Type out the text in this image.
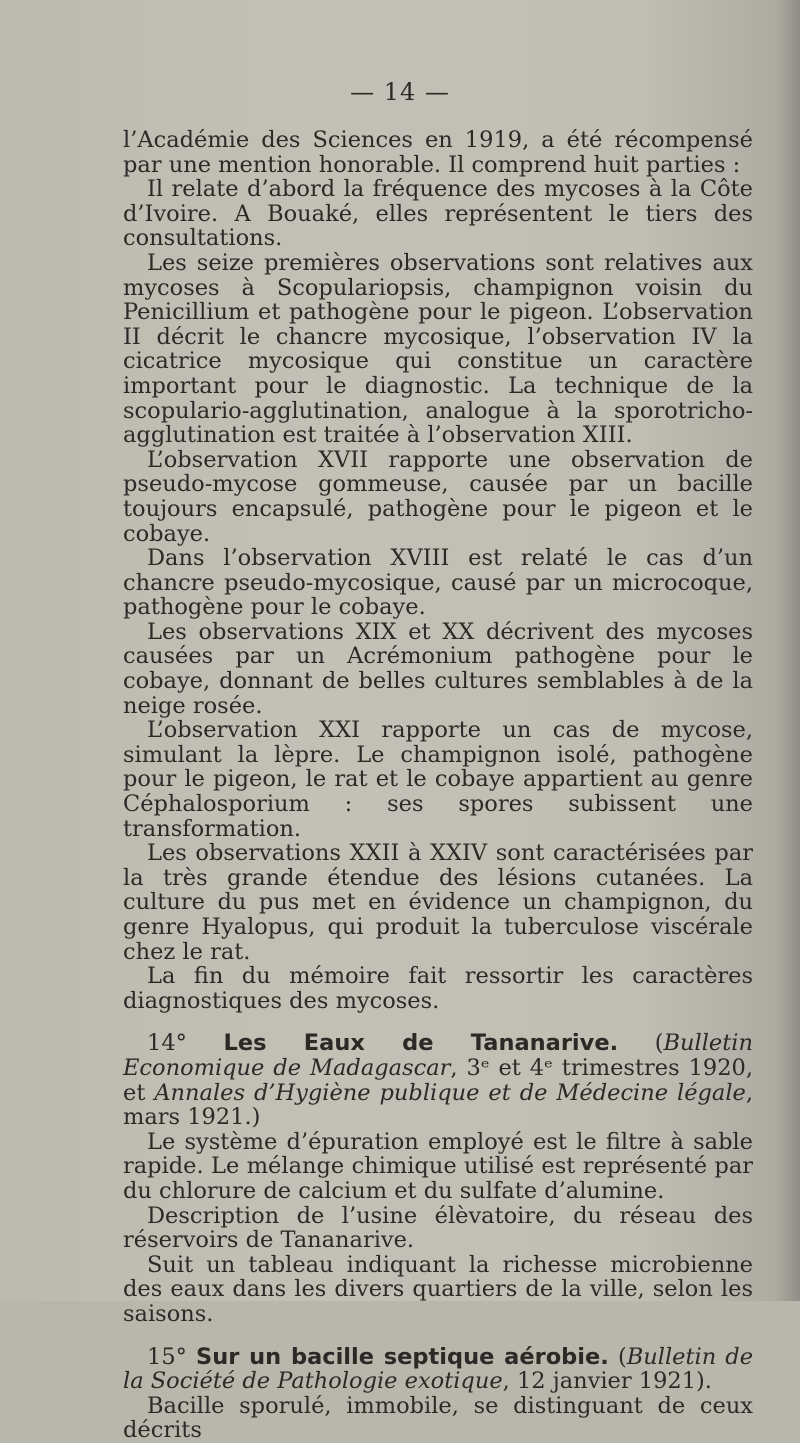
— 14 —

l’Académie des Sciences en 1919, a été récompensé par une mention honorable. Il comprend huit parties :

Il relate d’abord la fréquence des mycoses à la Côte d’Ivoire. A Bouaké, elles représentent le tiers des consultations.

Les seize premières observations sont relatives aux mycoses à Scopulariopsis, champignon voisin du Penicillium et pathogène pour le pigeon. L’observation II décrit le chancre mycosique, l’observation IV la cicatrice mycosique qui constitue un caractère important pour le diagnostic. La technique de la scopulario-agglutination, analogue à la sporotricho-agglutination est traitée à l’observation XIII.

L’observation XVII rapporte une observation de pseudo-mycose gommeuse, causée par un bacille toujours encapsulé, pathogène pour le pigeon et le cobaye.

Dans l’observation XVIII est relaté le cas d’un chancre pseudo-mycosique, causé par un microcoque, pathogène pour le cobaye.

Les observations XIX et XX décrivent des mycoses causées par un Acrémonium pathogène pour le cobaye, donnant de belles cultures semblables à de la neige rosée.

L’observation XXI rapporte un cas de mycose, simulant la lèpre. Le champignon isolé, pathogène pour le pigeon, le rat et le cobaye appartient au genre Céphalosporium : ses spores subissent une transformation.

Les observations XXII à XXIV sont caractérisées par la très grande étendue des lésions cutanées. La culture du pus met en évidence un champignon, du genre Hyalopus, qui produit la tuberculose viscérale chez le rat.

La fin du mémoire fait ressortir les caractères diagnostiques des mycoses.

14° Les Eaux de Tananarive. (Bulletin Economique de Madagascar, 3ᵉ et 4ᵉ trimestres 1920, et Annales d’Hygiène publique et de Médecine légale, mars 1921.)

Le système d’épuration employé est le filtre à sable rapide. Le mélange chimique utilisé est représenté par du chlorure de calcium et du sulfate d’alumine.

Description de l’usine élèvatoire, du réseau des réservoirs de Tananarive.

Suit un tableau indiquant la richesse microbienne des eaux dans les divers quartiers de la ville, selon les saisons.

15° Sur un bacille septique aérobie. (Bulletin de la Société de Pathologie exotique, 12 janvier 1921).

Bacille sporulé, immobile, se distinguant de ceux décrits
